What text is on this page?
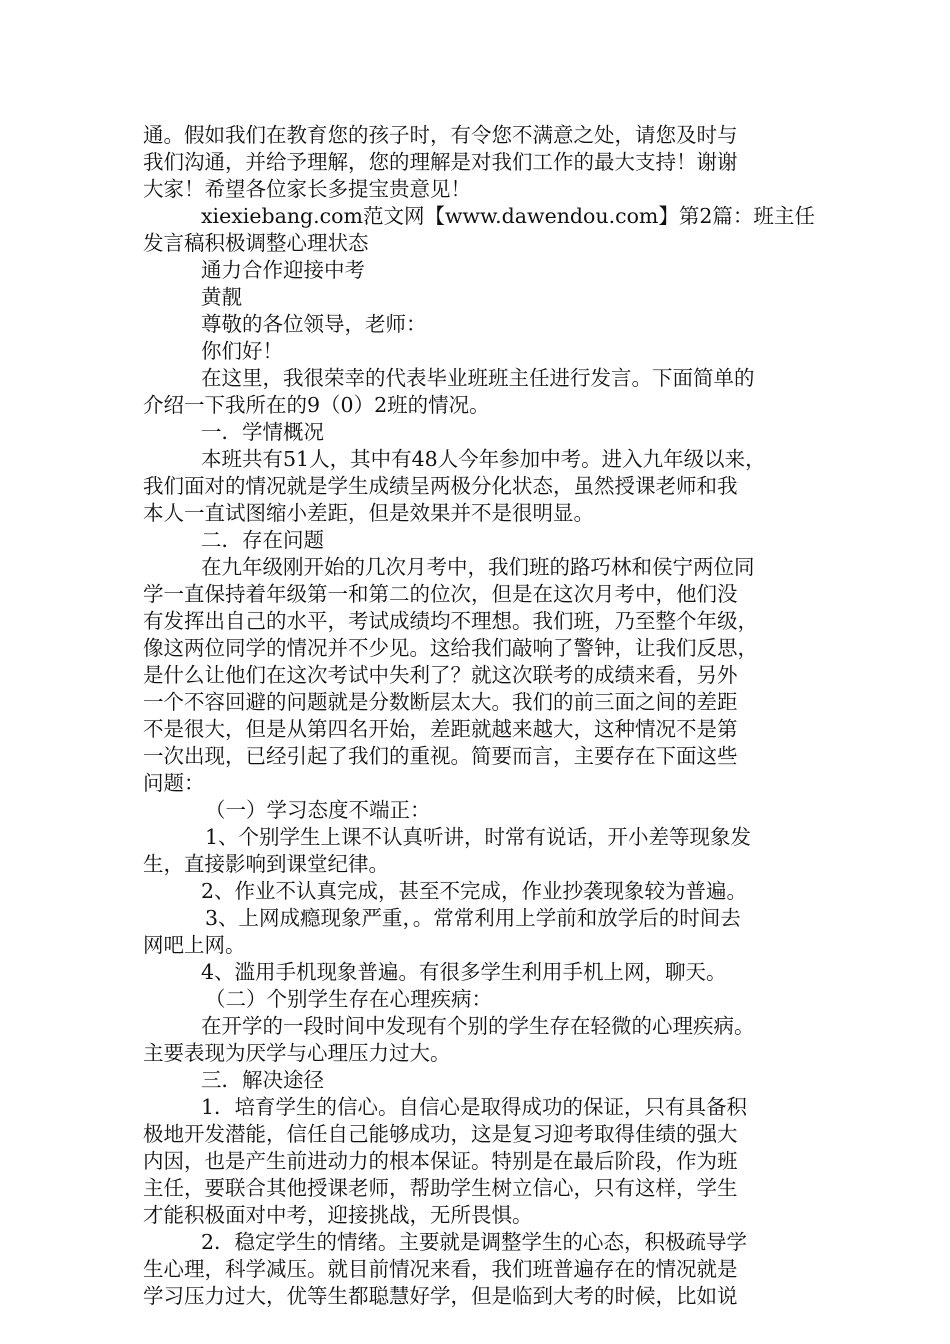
通。假如我们在教育您的孩子时，有令您不满意之处，请您及时与
我们沟通，并给予理解，您的理解是对我们工作的最大支持！谢谢
大家！希望各位家长多提宝贵意见！
xiexiebang.com范文网【www.dawendou.com】第2篇：班主任
发言稿积极调整心理状态
通力合作迎接中考
黄靓
尊敬的各位领导，老师：
你们好！
在这里，我很荣幸的代表毕业班班主任进行发言。下面简单的
介绍一下我所在的9（0）2班的情况。
一．学情概况
本班共有51人，其中有48人今年参加中考。进入九年级以来，
我们面对的情况就是学生成绩呈两极分化状态，虽然授课老师和我
本人一直试图缩小差距，但是效果并不是很明显。
二．存在问题
在九年级刚开始的几次月考中，我们班的路巧林和侯宁两位同
学一直保持着年级第一和第二的位次，但是在这次月考中，他们没
有发挥出自己的水平，考试成绩均不理想。我们班，乃至整个年级，
像这两位同学的情况并不少见。这给我们敲响了警钟，让我们反思，
是什么让他们在这次考试中失利了？就这次联考的成绩来看，另外
一个不容回避的问题就是分数断层太大。我们的前三面之间的差距
不是很大，但是从第四名开始，差距就越来越大，这种情况不是第
一次出现，已经引起了我们的重视。简要而言，主要存在下面这些
问题：
（一）学习态度不端正：
1、个别学生上课不认真听讲，时常有说话，开小差等现象发
生，直接影响到课堂纪律。
2、作业不认真完成，甚至不完成，作业抄袭现象较为普遍。
3、上网成瘾现象严重，。常常利用上学前和放学后的时间去
网吧上网。
4、滥用手机现象普遍。有很多学生利用手机上网，聊天。
（二）个别学生存在心理疾病：
在开学的一段时间中发现有个别的学生存在轻微的心理疾病。
主要表现为厌学与心理压力过大。
三．解决途径
1．培育学生的信心。自信心是取得成功的保证，只有具备积
极地开发潜能，信任自己能够成功，这是复习迎考取得佳绩的强大
内因，也是产生前进动力的根本保证。特别是在最后阶段，作为班
主任，要联合其他授课老师，帮助学生树立信心，只有这样，学生
才能积极面对中考，迎接挑战，无所畏惧。
2．稳定学生的情绪。主要就是调整学生的心态，积极疏导学
生心理，科学减压。就目前情况来看，我们班普遍存在的情况就是
学习压力过大，优等生都聪慧好学，但是临到大考的时候，比如说
